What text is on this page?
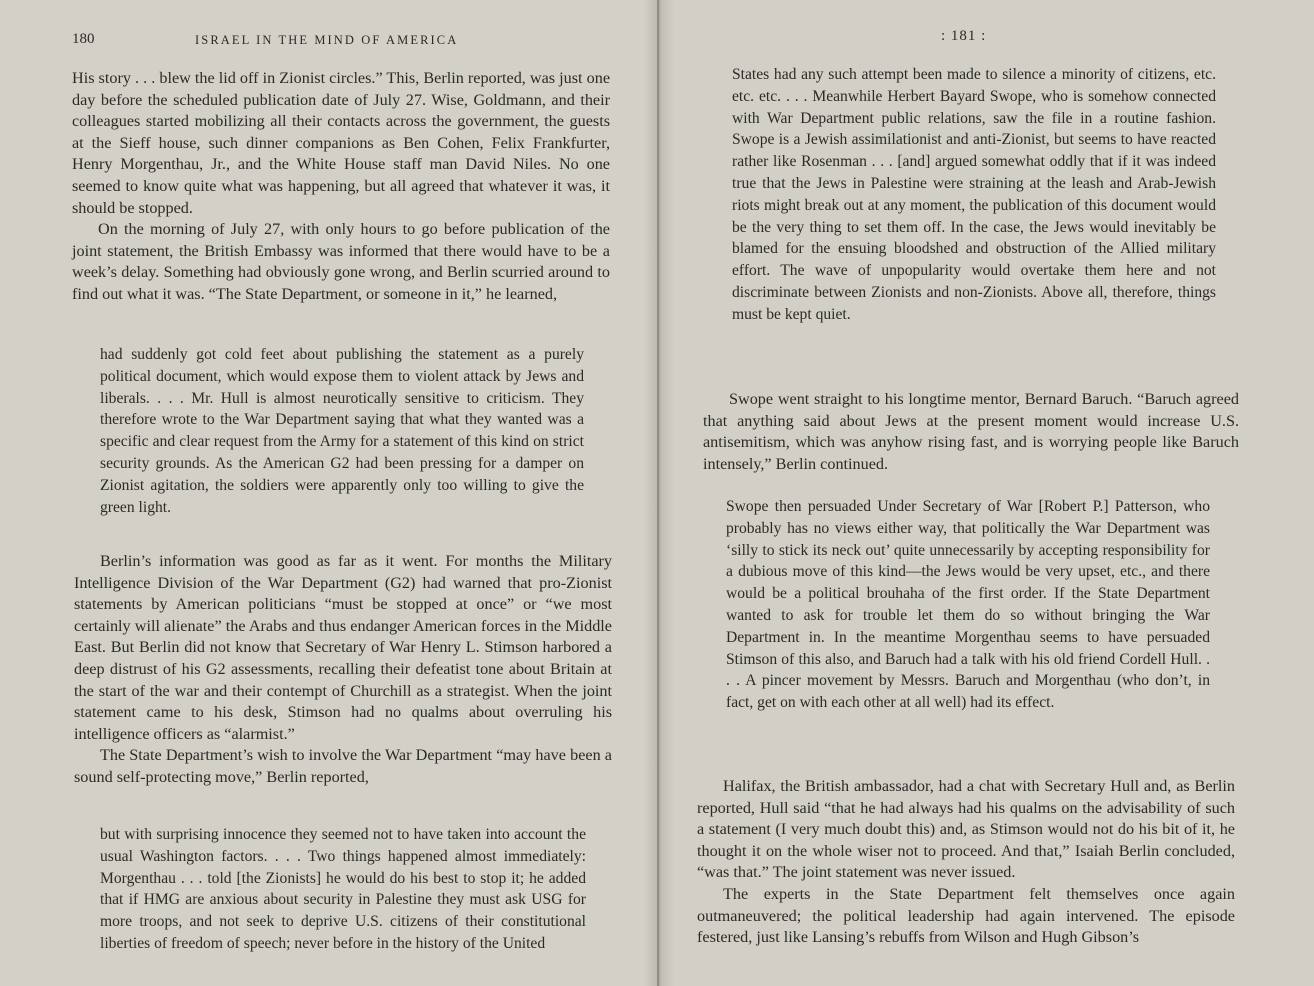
180	ISRAEL IN THE MIND OF AMERICA

His story . . . blew the lid off in Zionist circles.” This, Berlin reported, was just one day before the scheduled publication date of July 27. Wise, Goldmann, and their colleagues started mobilizing all their contacts across the government, the guests at the Sieff house, such dinner companions as Ben Cohen, Felix Frankfurter, Henry Morgenthau, Jr., and the White House staff man David Niles. No one seemed to know quite what was happening, but all agreed that whatever it was, it should be stopped.

On the morning of July 27, with only hours to go before publication of the joint statement, the British Embassy was informed that there would have to be a week’s delay. Something had obviously gone wrong, and Berlin scurried around to find out what it was. “The State Department, or someone in it,” he learned,

had suddenly got cold feet about publishing the statement as a purely political document, which would expose them to violent attack by Jews and liberals. . . . Mr. Hull is almost neurotically sensitive to criticism. They therefore wrote to the War Department saying that what they wanted was a specific and clear request from the Army for a statement of this kind on strict security grounds. As the American G2 had been pressing for a damper on Zionist agitation, the soldiers were apparently only too willing to give the green light.

Berlin’s information was good as far as it went. For months the Military Intelligence Division of the War Department (G2) had warned that pro-Zionist statements by American politicians “must be stopped at once” or “we most certainly will alienate” the Arabs and thus endanger American forces in the Middle East. But Berlin did not know that Secretary of War Henry L. Stimson harbored a deep distrust of his G2 assessments, recalling their defeatist tone about Britain at the start of the war and their contempt of Churchill as a strategist. When the joint statement came to his desk, Stimson had no qualms about overruling his intelligence officers as “alarmist.”

The State Department’s wish to involve the War Department “may have been a sound self-protecting move,” Berlin reported,

but with surprising innocence they seemed not to have taken into account the usual Washington factors. . . . Two things happened almost immediately: Morgenthau . . . told [the Zionists] he would do his best to stop it; he added that if HMG are anxious about security in Palestine they must ask USG for more troops, and not seek to deprive U.S. citizens of their constitutional liberties of freedom of speech; never before in the history of the United

: 181 :

States had any such attempt been made to silence a minority of citizens, etc. etc. etc. . . . Meanwhile Herbert Bayard Swope, who is somehow connected with War Department public relations, saw the file in a routine fashion. Swope is a Jewish assimilationist and anti-Zionist, but seems to have reacted rather like Rosenman . . . [and] argued somewhat oddly that if it was indeed true that the Jews in Palestine were straining at the leash and Arab-Jewish riots might break out at any moment, the publication of this document would be the very thing to set them off. In the case, the Jews would inevitably be blamed for the ensuing bloodshed and obstruction of the Allied military effort. The wave of unpopularity would overtake them here and not discriminate between Zionists and non-Zionists. Above all, therefore, things must be kept quiet.

Swope went straight to his longtime mentor, Bernard Baruch. “Baruch agreed that anything said about Jews at the present moment would increase U.S. antisemitism, which was anyhow rising fast, and is worrying people like Baruch intensely,” Berlin continued.

Swope then persuaded Under Secretary of War [Robert P.] Patterson, who probably has no views either way, that politically the War Department was ‘silly to stick its neck out’ quite unnecessarily by accepting responsibility for a dubious move of this kind—the Jews would be very upset, etc., and there would be a political brouhaha of the first order. If the State Department wanted to ask for trouble let them do so without bringing the War Department in. In the meantime Morgenthau seems to have persuaded Stimson of this also, and Baruch had a talk with his old friend Cordell Hull. . . . A pincer movement by Messrs. Baruch and Morgenthau (who don’t, in fact, get on with each other at all well) had its effect.

Halifax, the British ambassador, had a chat with Secretary Hull and, as Berlin reported, Hull said “that he had always had his qualms on the advisability of such a statement (I very much doubt this) and, as Stimson would not do his bit of it, he thought it on the whole wiser not to proceed. And that,” Isaiah Berlin concluded, “was that.” The joint statement was never issued.

The experts in the State Department felt themselves once again outmaneuvered; the political leadership had again intervened. The episode festered, just like Lansing’s rebuffs from Wilson and Hugh Gibson’s
